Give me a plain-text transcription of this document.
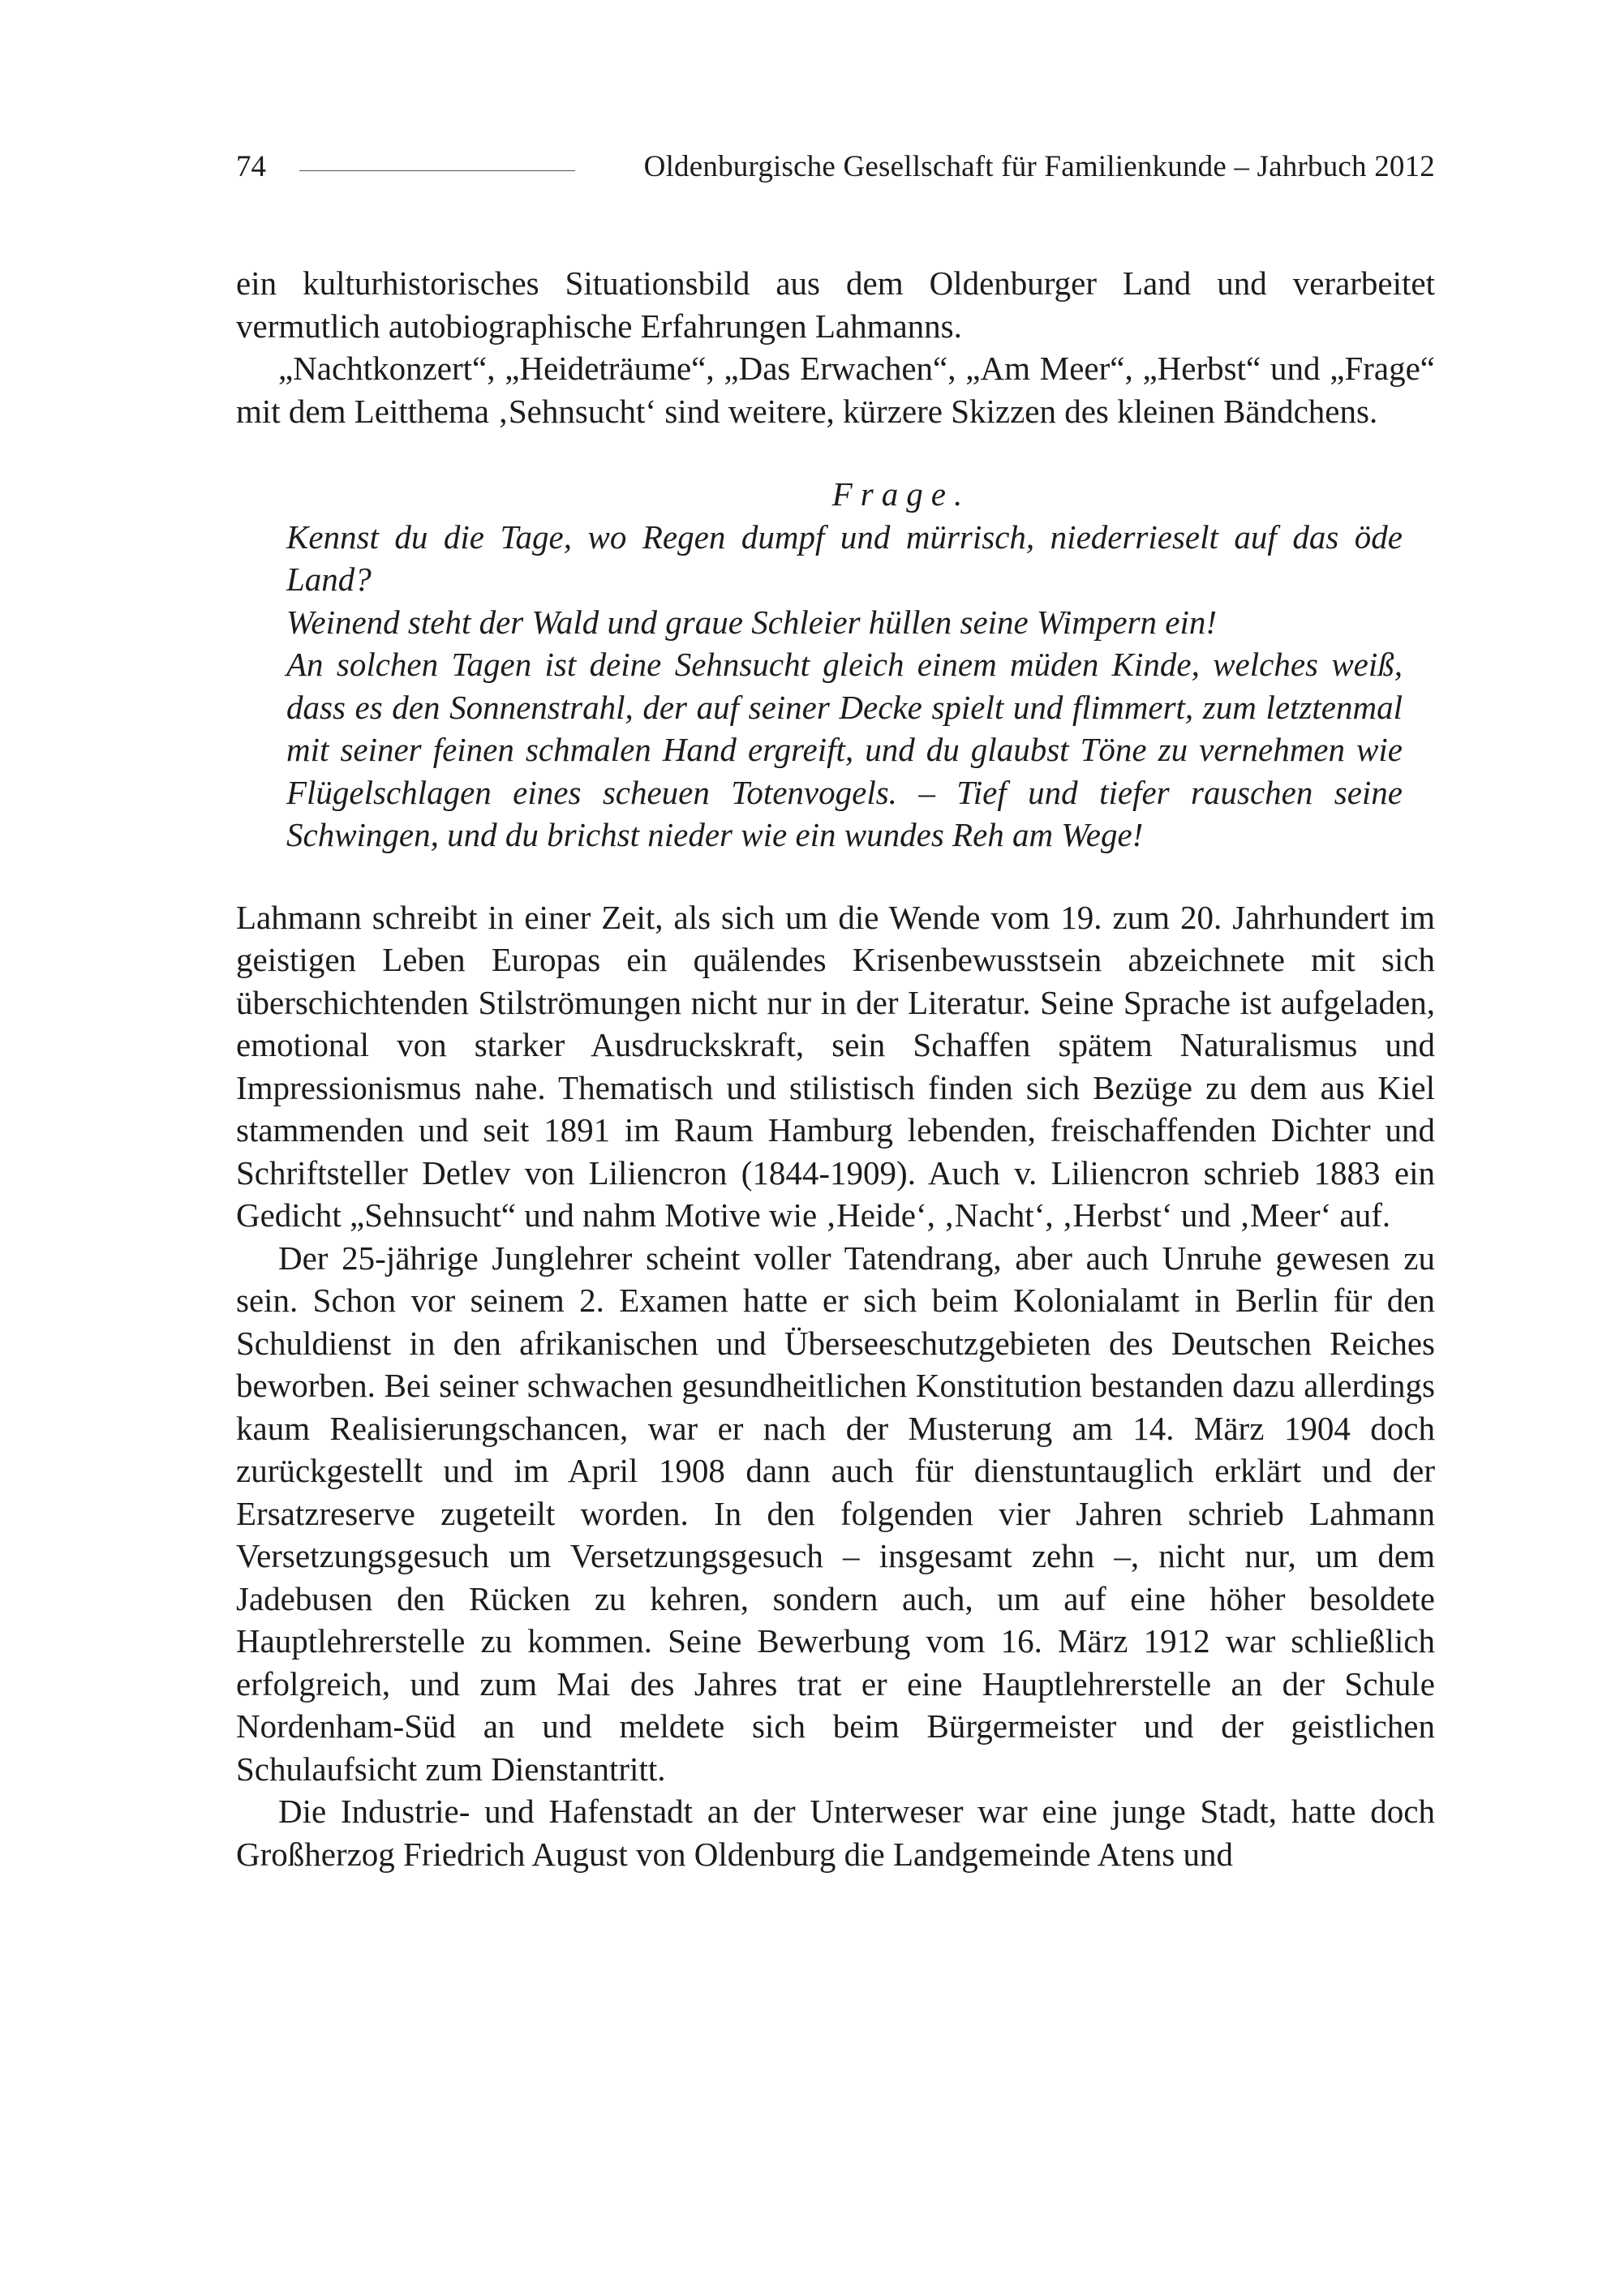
74	Oldenburgische Gesellschaft für Familienkunde – Jahrbuch 2012

ein kulturhistorisches Situationsbild aus dem Oldenburger Land und verarbeitet vermutlich autobiographische Erfahrungen Lahmanns.

„Nachtkonzert“, „Heideträume“, „Das Erwachen“, „Am Meer“, „Herbst“ und „Frage“ mit dem Leitthema ‚Sehnsucht‘ sind weitere, kürzere Skizzen des kleinen Bändchens.

Frage.
Kennst du die Tage, wo Regen dumpf und mürrisch, niederrieselt auf das öde Land?
Weinend steht der Wald und graue Schleier hüllen seine Wimpern ein!
An solchen Tagen ist deine Sehnsucht gleich einem müden Kinde, welches weiß, dass es den Sonnenstrahl, der auf seiner Decke spielt und flimmert, zum letztenmal mit seiner feinen schmalen Hand ergreift, und du glaubst Töne zu vernehmen wie Flügelschlagen eines scheuen Totenvogels. – Tief und tiefer rauschen seine Schwingen, und du brichst nieder wie ein wundes Reh am Wege!

Lahmann schreibt in einer Zeit, als sich um die Wende vom 19. zum 20. Jahrhundert im geistigen Leben Europas ein quälendes Krisenbewusstsein abzeichnete mit sich überschichtenden Stilströmungen nicht nur in der Literatur. Seine Sprache ist aufgeladen, emotional von starker Ausdruckskraft, sein Schaffen spätem Naturalismus und Impressionismus nahe. Thematisch und stilistisch finden sich Bezüge zu dem aus Kiel stammenden und seit 1891 im Raum Hamburg lebenden, freischaffenden Dichter und Schriftsteller Detlev von Liliencron (1844-1909). Auch v. Liliencron schrieb 1883 ein Gedicht „Sehnsucht“ und nahm Motive wie ‚Heide‘, ‚Nacht‘, ‚Herbst‘ und ‚Meer‘ auf.

Der 25-jährige Junglehrer scheint voller Tatendrang, aber auch Unruhe gewesen zu sein. Schon vor seinem 2. Examen hatte er sich beim Kolonialamt in Berlin für den Schuldienst in den afrikanischen und Überseeschutzgebieten des Deutschen Reiches beworben. Bei seiner schwachen gesundheitlichen Konstitution bestanden dazu allerdings kaum Realisierungschancen, war er nach der Musterung am 14. März 1904 doch zurückgestellt und im April 1908 dann auch für dienstuntauglich erklärt und der Ersatzreserve zugeteilt worden. In den folgenden vier Jahren schrieb Lahmann Versetzungsgesuch um Versetzungsgesuch – insgesamt zehn –, nicht nur, um dem Jadebusen den Rücken zu kehren, sondern auch, um auf eine höher besoldete Hauptlehrerstelle zu kommen. Seine Bewerbung vom 16. März 1912 war schließlich erfolgreich, und zum Mai des Jahres trat er eine Hauptlehrerstelle an der Schule Nordenham-Süd an und meldete sich beim Bürgermeister und der geistlichen Schulaufsicht zum Dienstantritt.

Die Industrie- und Hafenstadt an der Unterweser war eine junge Stadt, hatte doch Großherzog Friedrich August von Oldenburg die Landgemeinde Atens und
